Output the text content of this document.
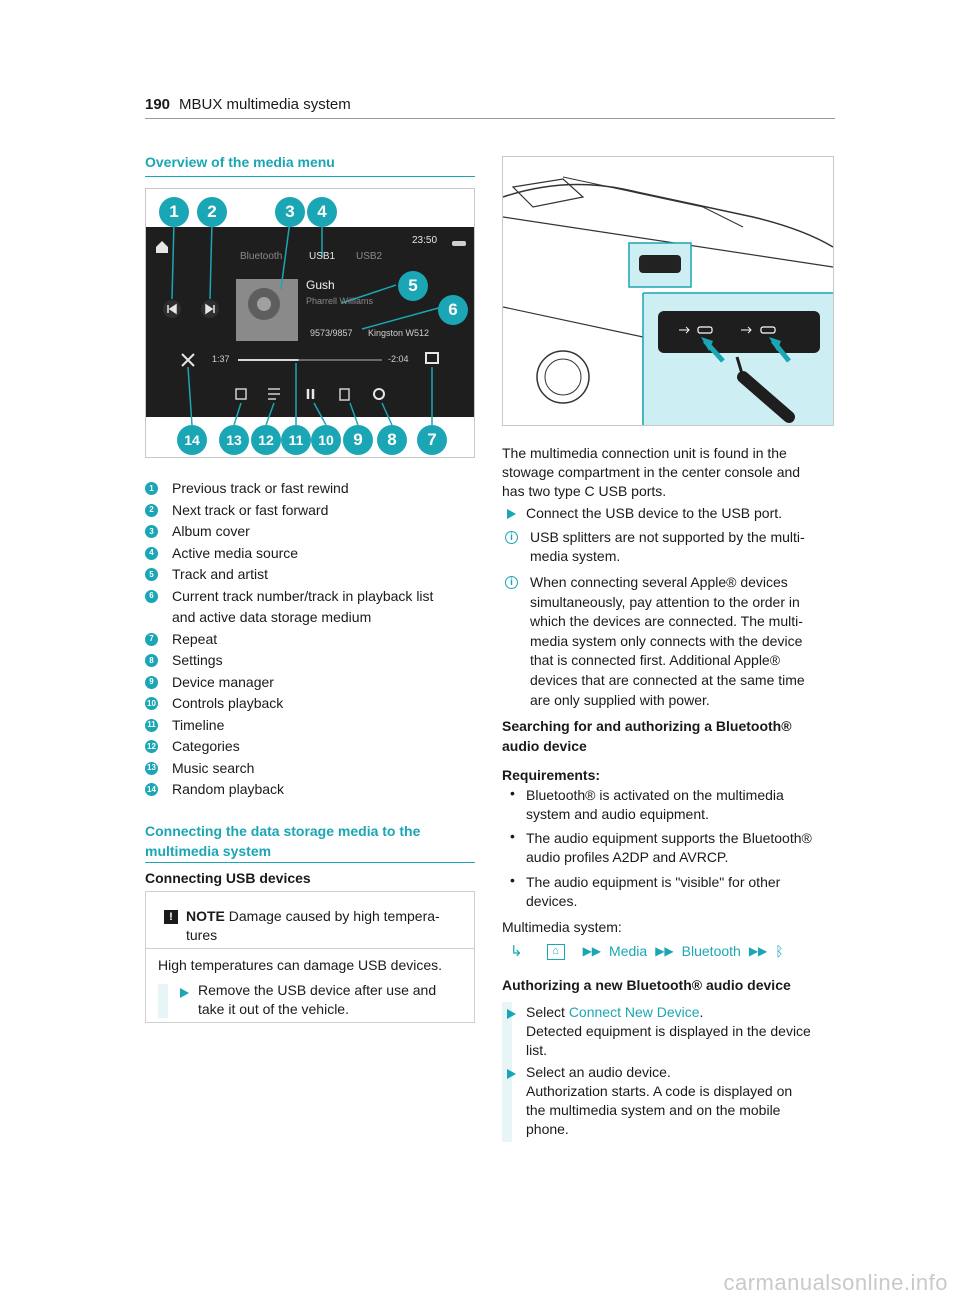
190 MBUX multimedia system
Overview of the media menu
23:50
Bluetooth	USB1 USB2
Gush
Pharrell Williams
9573/9857 Kingston W512
1:37	-2:04
1	2	3	4
5
6
7
8
9
10
11
12
13
14
1	Previous track or fast rewind
2	Next track or fast forward
3	Album cover
4	Active media source
5	Track and artist
6	Current track number/track in playback list
and active data storage medium
7	Repeat
8	Settings
9	Device manager
10 Controls playback
11 Timeline
12 Categories
13 Music search
14 Random playback
Connecting the data storage media to the
multimedia system
Connecting USB devices
! NOTE Damage caused by high tempera-
tures
High temperatures can damage USB devices.
Remove the USB device after use and
take it out of the vehicle.
The multimedia connection unit is found in the
stowage compartment in the center console and
has two type C USB ports.
Connect the USB device to the USB port.
i	USB splitters are not supported by the multi-
media system.
i	When connecting several Apple® devices
simultaneously, pay attention to the order in
which the devices are connected. The multi-
media system only connects with the device
that is connected first. Additional Apple®
devices that are connected at the same time
are only supplied with power.
Searching for and authorizing a Bluetooth®
audio device
Requirements:
• Bluetooth® is activated on the multimedia
system and audio equipment.
• The audio equipment supports the Bluetooth®
audio profiles A2DP and AVRCP.
• The audio equipment is "visible" for other
devices.
Multimedia system:
↳	⌂	▶▶ Media ▶▶ Bluetooth ▶▶ ᛒ
Authorizing a new Bluetooth® audio device
Select Connect New Device.
Detected equipment is displayed in the device
list.
Select an audio device.
Authorization starts. A code is displayed on
the multimedia system and on the mobile
phone.
carmanualsonline.info
